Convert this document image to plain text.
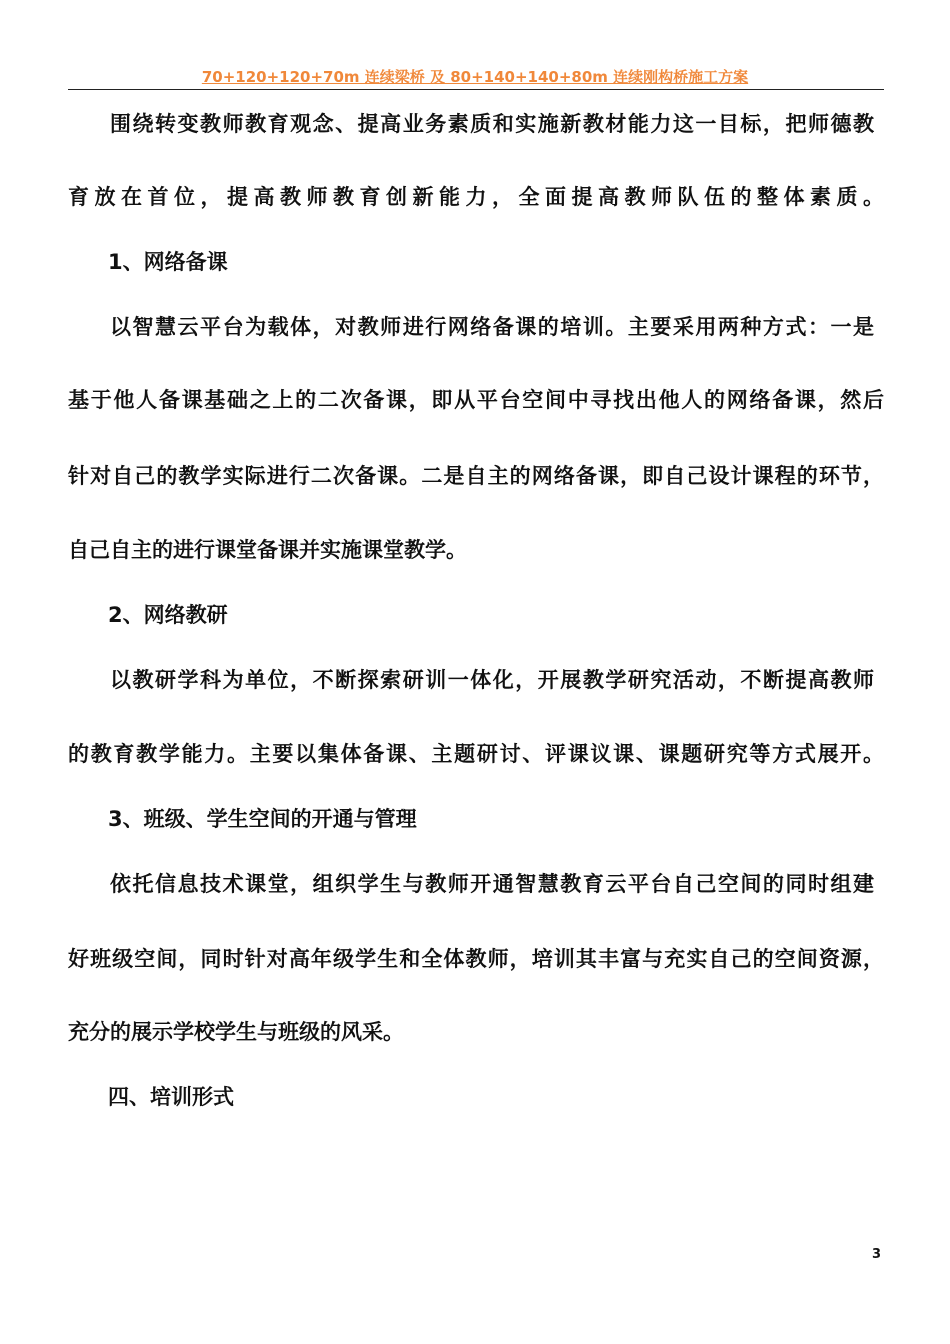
70+120+120+70m 连续梁桥 及 80+140+140+80m 连续刚构桥施工方案
围绕转变教师教育观念、提高业务素质和实施新教材能力这一目标，把师德教
育放在首位，提高教师教育创新能力，全面提高教师队伍的整体素质。
1、网络备课
以智慧云平台为载体，对教师进行网络备课的培训。主要采用两种方式：一是
基于他人备课基础之上的二次备课，即从平台空间中寻找出他人的网络备课，然后
针对自己的教学实际进行二次备课。二是自主的网络备课，即自己设计课程的环节，
自己自主的进行课堂备课并实施课堂教学。
2、网络教研
以教研学科为单位，不断探索研训一体化，开展教学研究活动，不断提高教师
的教育教学能力。主要以集体备课、主题研讨、评课议课、课题研究等方式展开。
3、班级、学生空间的开通与管理
依托信息技术课堂，组织学生与教师开通智慧教育云平台自己空间的同时组建
好班级空间，同时针对高年级学生和全体教师，培训其丰富与充实自己的空间资源，
充分的展示学校学生与班级的风采。
四、培训形式
3
